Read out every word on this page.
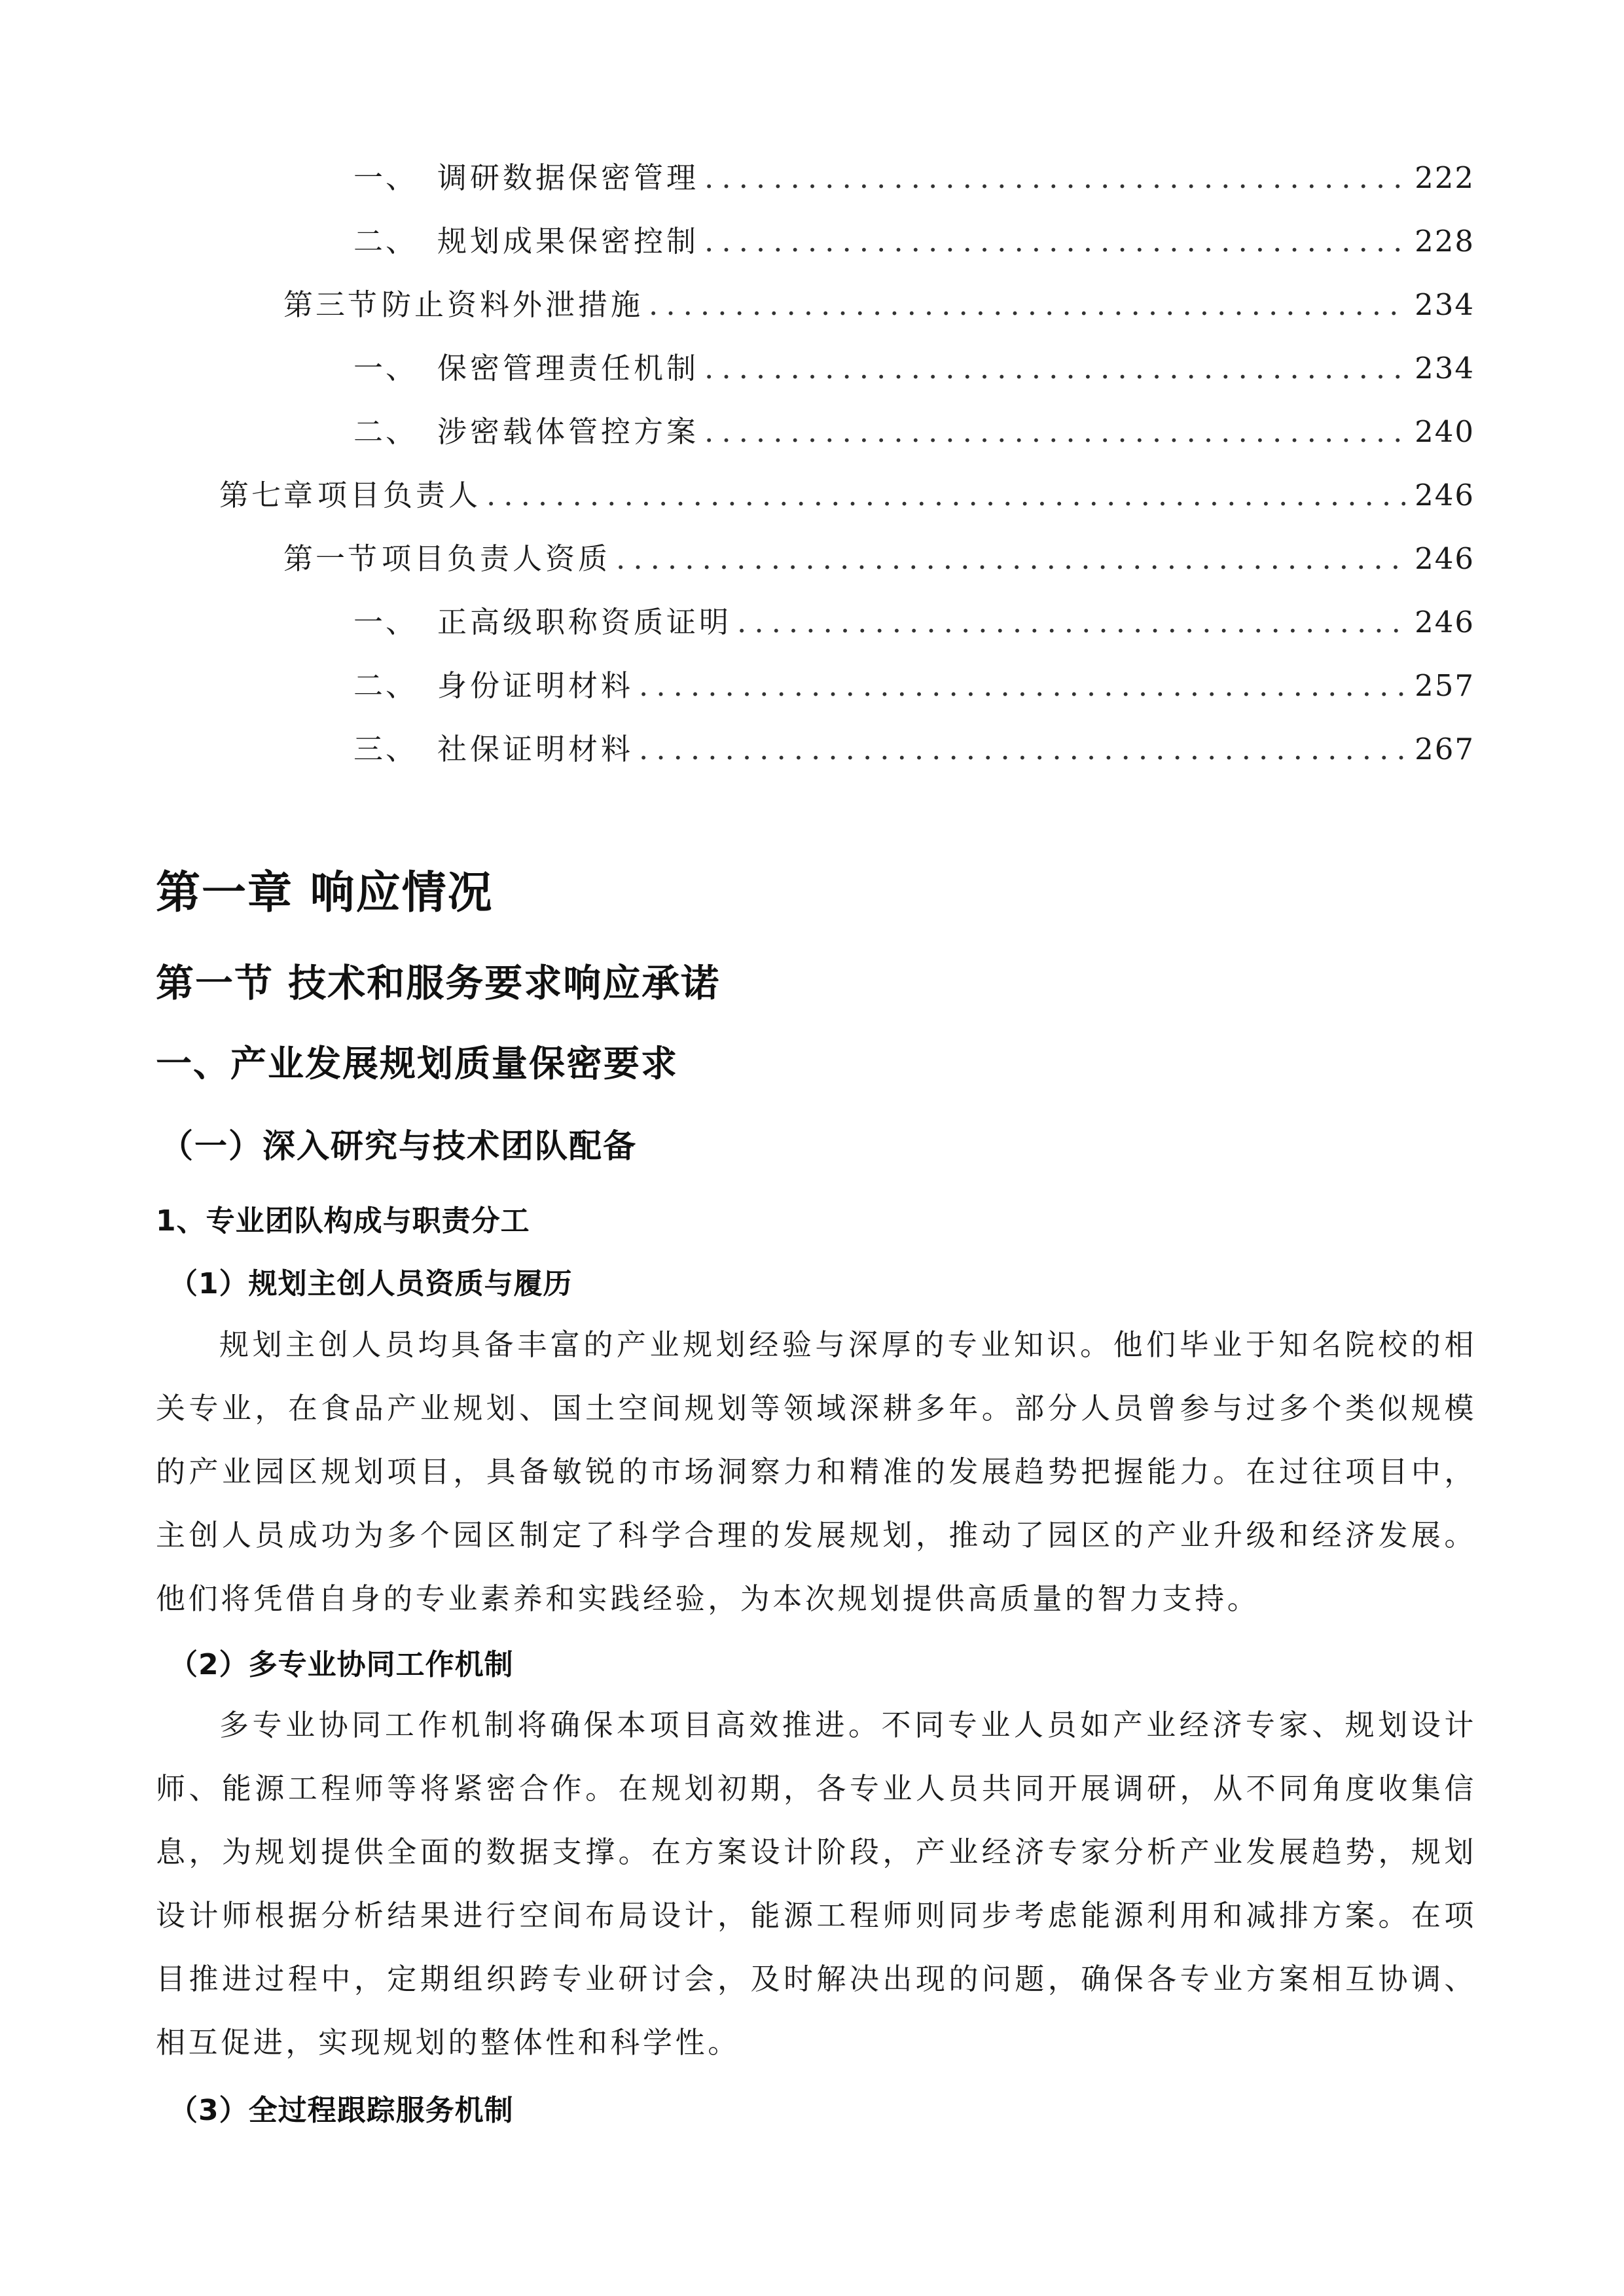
一、 调研数据保密管理 .....	222
二、 规划成果保密控制 .....	228
第三节 防止资料外泄措施 .....	234
一、 保密管理责任机制 .....	234
二、 涉密载体管控方案 .....	240
第七章 项目负责人 .....	246
第一节 项目负责人资质 .....	246
一、 正高级职称资质证明 .....	246
二、 身份证明材料 .....	257
三、 社保证明材料 .....	267
第一章 响应情况
第一节 技术和服务要求响应承诺
一、产业发展规划质量保密要求
（一）深入研究与技术团队配备
1、专业团队构成与职责分工
（1）规划主创人员资质与履历

规划主创人员均具备丰富的产业规划经验与深厚的专业知识。他们毕业于知名院校的相关专业，在食品产业规划、国土空间规划等领域深耕多年。部分人员曾参与过多个类似规模的产业园区规划项目，具备敏锐的市场洞察力和精准的发展趋势把握能力。在过往项目中，主创人员成功为多个园区制定了科学合理的发展规划，推动了园区的产业升级和经济发展。他们将凭借自身的专业素养和实践经验，为本次规划提供高质量的智力支持。

（2）多专业协同工作机制

多专业协同工作机制将确保本项目高效推进。不同专业人员如产业经济专家、规划设计师、能源工程师等将紧密合作。在规划初期，各专业人员共同开展调研，从不同角度收集信息，为规划提供全面的数据支撑。在方案设计阶段，产业经济专家分析产业发展趋势，规划设计师根据分析结果进行空间布局设计，能源工程师则同步考虑能源利用和减排方案。在项目推进过程中，定期组织跨专业研讨会，及时解决出现的问题，确保各专业方案相互协调、相互促进，实现规划的整体性和科学性。

（3）全过程跟踪服务机制
